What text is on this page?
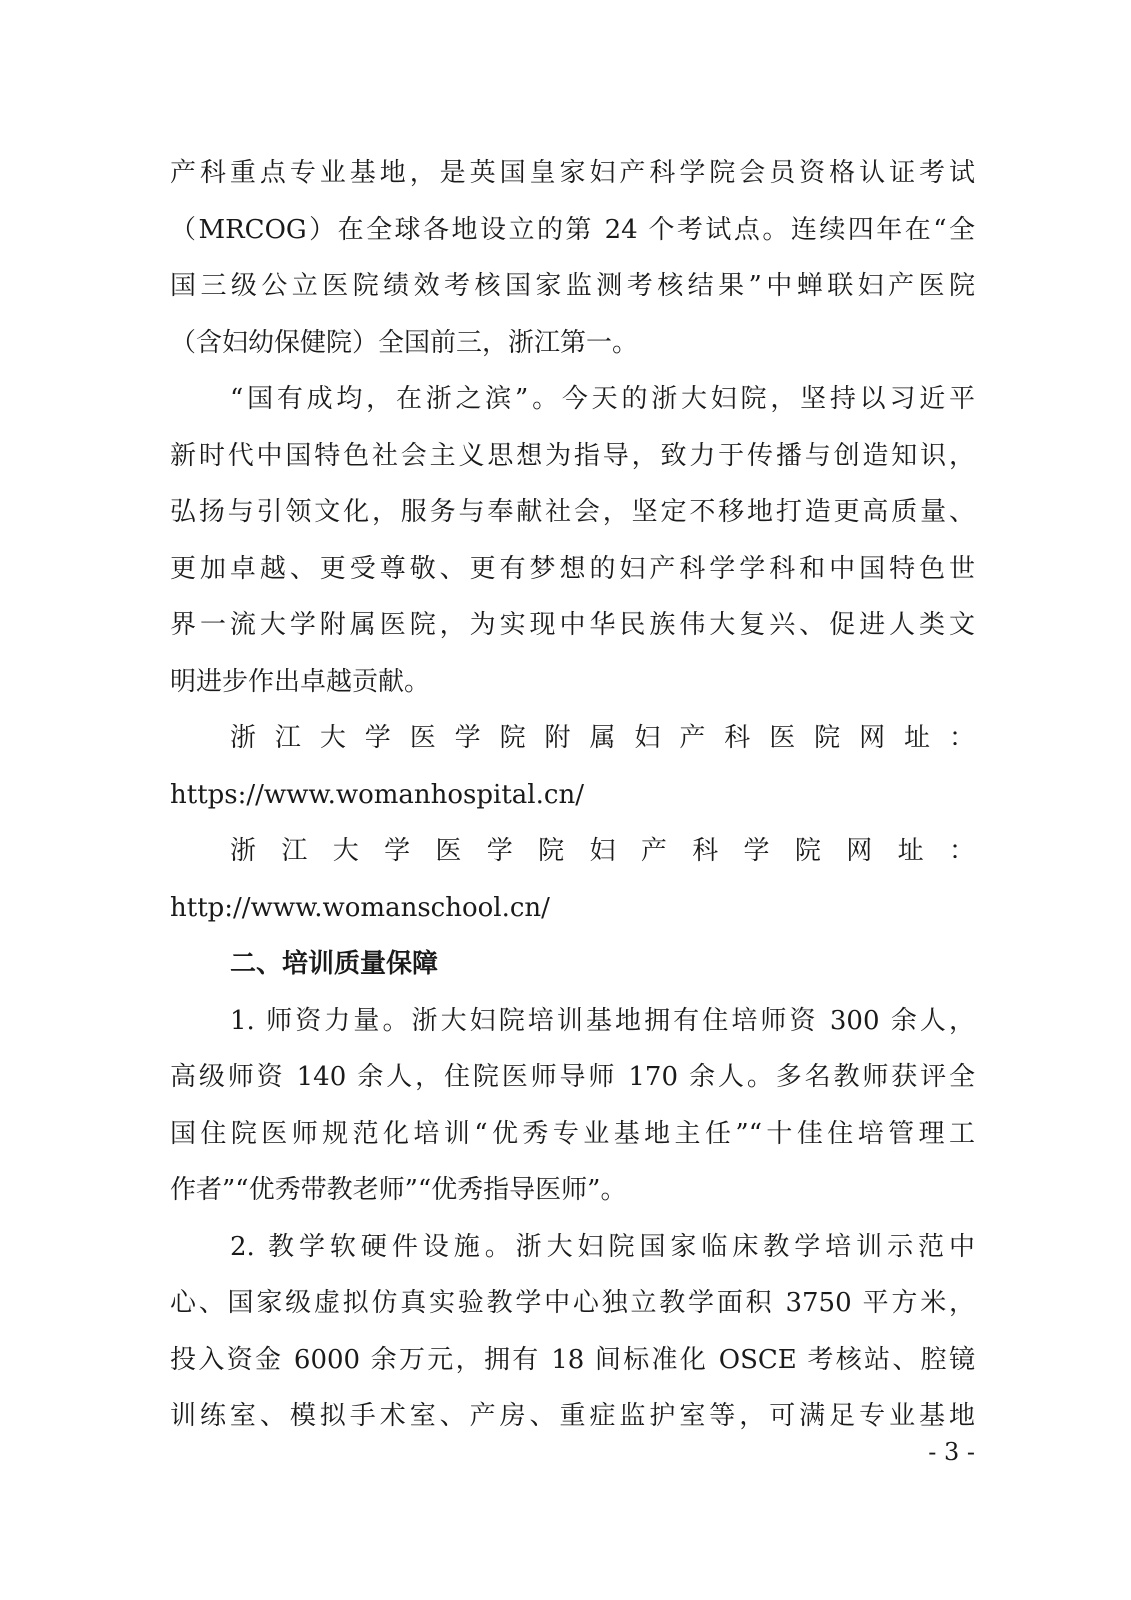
产科重点专业基地，是英国皇家妇产科学院会员资格认证考试
（MRCOG）在全球各地设立的第 24 个考试点。连续四年在“全
国三级公立医院绩效考核国家监测考核结果”中蝉联妇产医院
（含妇幼保健院）全国前三，浙江第一。
“国有成均，在浙之滨”。今天的浙大妇院，坚持以习近平
新时代中国特色社会主义思想为指导，致力于传播与创造知识，
弘扬与引领文化，服务与奉献社会，坚定不移地打造更高质量、
更加卓越、更受尊敬、更有梦想的妇产科学学科和中国特色世
界一流大学附属医院，为实现中华民族伟大复兴、促进人类文
明进步作出卓越贡献。
浙江大学医学院附属妇产科医院网址：
https://www.womanhospital.cn/
浙江大学医学院妇产科学院网址：
http://www.womanschool.cn/
二、培训质量保障
1. 师资力量。浙大妇院培训基地拥有住培师资 300 余人，
高级师资 140 余人，住院医师导师 170 余人。多名教师获评全
国住院医师规范化培训“优秀专业基地主任”“十佳住培管理工
作者”“优秀带教老师”“优秀指导医师”。
2. 教学软硬件设施。浙大妇院国家临床教学培训示范中
心、国家级虚拟仿真实验教学中心独立教学面积 3750 平方米，
投入资金 6000 余万元，拥有 18 间标准化 OSCE 考核站、腔镜
训练室、模拟手术室、产房、重症监护室等，可满足专业基地
- 3 -
